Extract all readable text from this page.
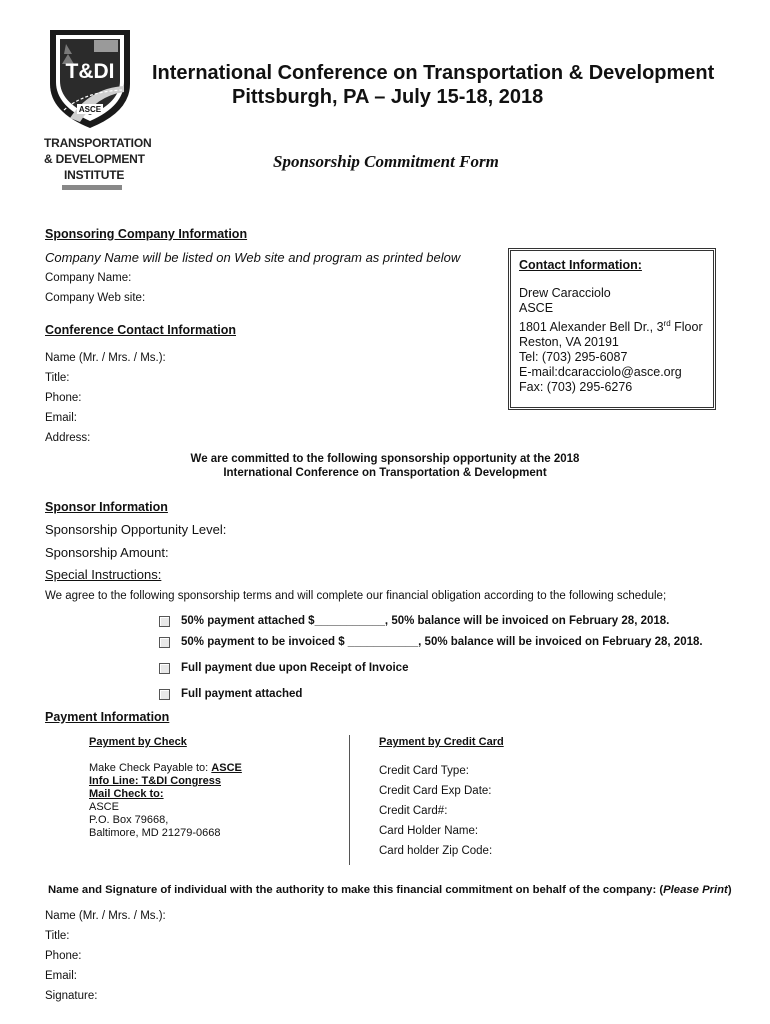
T&DI
ASCE
TRANSPORTATION
& DEVELOPMENT
INSTITUTE
International Conference on Transportation & Development
Pittsburgh, PA – July 15-18, 2018
Sponsorship Commitment Form
Sponsoring Company Information
Company Name will be listed on Web site and program as printed below
Company Name:
Company Web site:
Conference Contact Information
Name (Mr. / Mrs. / Ms.):
Title:
Phone:
Email:
Address:
Contact Information:
Drew Caracciolo
ASCE
1801 Alexander Bell Dr., 3rd Floor
Reston, VA 20191
Tel: (703) 295-6087
E-mail:dcaracciolo@asce.org
Fax: (703) 295-6276
We are committed to the following sponsorship opportunity at the 2018
International Conference on Transportation & Development
Sponsor Information
Sponsorship Opportunity Level:
Sponsorship Amount:
Special Instructions:
We agree to the following sponsorship terms and will complete our financial obligation according to the following schedule;
50% payment attached $___________, 50% balance will be invoiced on February 28, 2018.
50% payment to be invoiced $ ___________, 50% balance will be invoiced on February 28, 2018.
Full payment due upon Receipt of Invoice
Full payment attached
Payment Information
Payment by Check	Payment by Credit Card
Make Check Payable to: ASCE
Info Line: T&DI Congress
Mail Check to:
ASCE
P.O. Box 79668,
Baltimore, MD 21279-0668
Credit Card Type:
Credit Card Exp Date:
Credit Card#:
Card Holder Name:
Card holder Zip Code:
Name and Signature of individual with the authority to make this financial commitment on behalf of the company: (Please Print)
Name (Mr. / Mrs. / Ms.):
Title:
Phone:
Email:
Signature:
